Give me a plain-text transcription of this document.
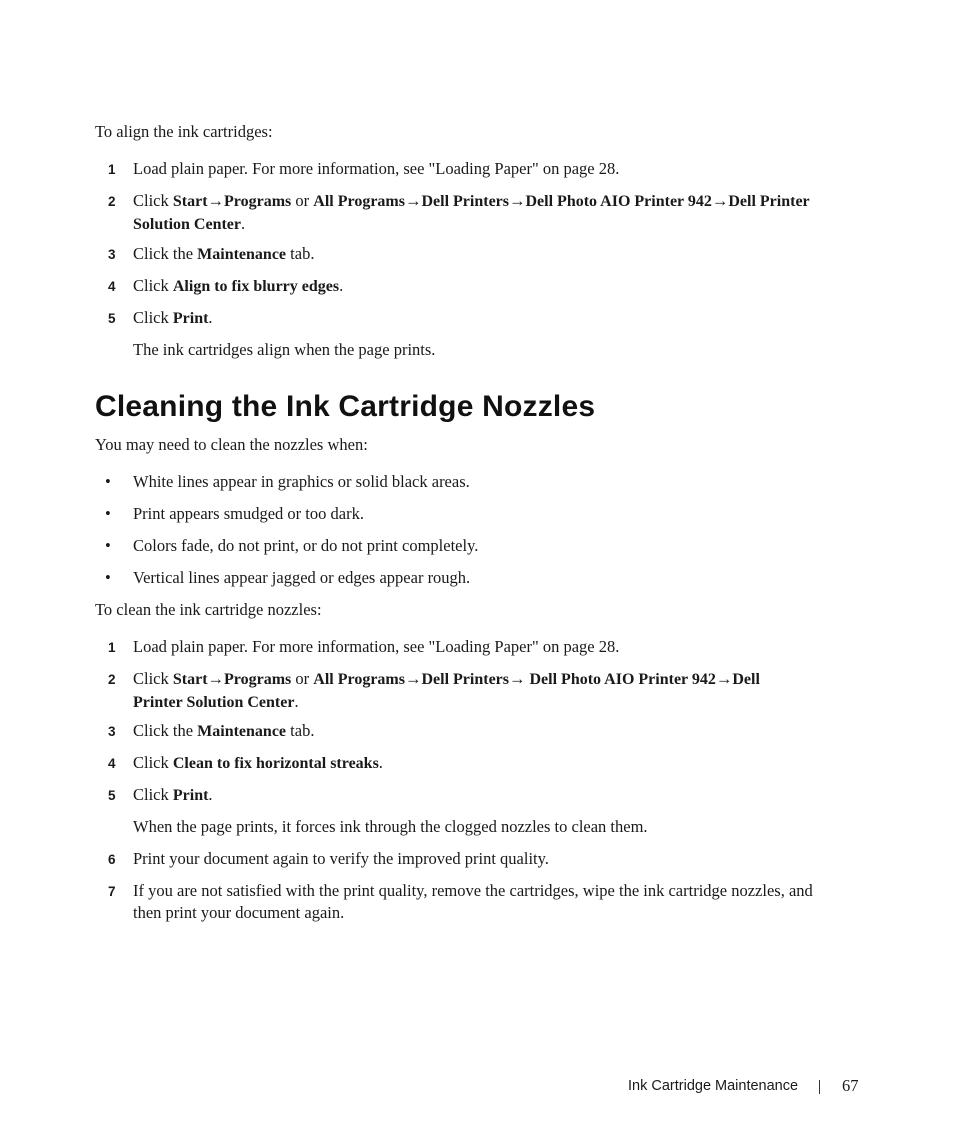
To align the ink cartridges:

1 Load plain paper. For more information, see "Loading Paper" on page 28.
2 Click Start→Programs or All Programs→Dell Printers→Dell Photo AIO Printer 942→Dell Printer Solution Center.
3 Click the Maintenance tab.
4 Click Align to fix blurry edges.
5 Click Print.

The ink cartridges align when the page prints.

Cleaning the Ink Cartridge Nozzles

You may need to clean the nozzles when:

• White lines appear in graphics or solid black areas.
• Print appears smudged or too dark.
• Colors fade, do not print, or do not print completely.
• Vertical lines appear jagged or edges appear rough.

To clean the ink cartridge nozzles:

1 Load plain paper. For more information, see "Loading Paper" on page 28.
2 Click Start→Programs or All Programs→Dell Printers→ Dell Photo AIO Printer 942→Dell Printer Solution Center.
3 Click the Maintenance tab.
4 Click Clean to fix horizontal streaks.
5 Click Print.

When the page prints, it forces ink through the clogged nozzles to clean them.

6 Print your document again to verify the improved print quality.
7 If you are not satisfied with the print quality, remove the cartridges, wipe the ink cartridge nozzles, and then print your document again.
Ink Cartridge Maintenance	67
